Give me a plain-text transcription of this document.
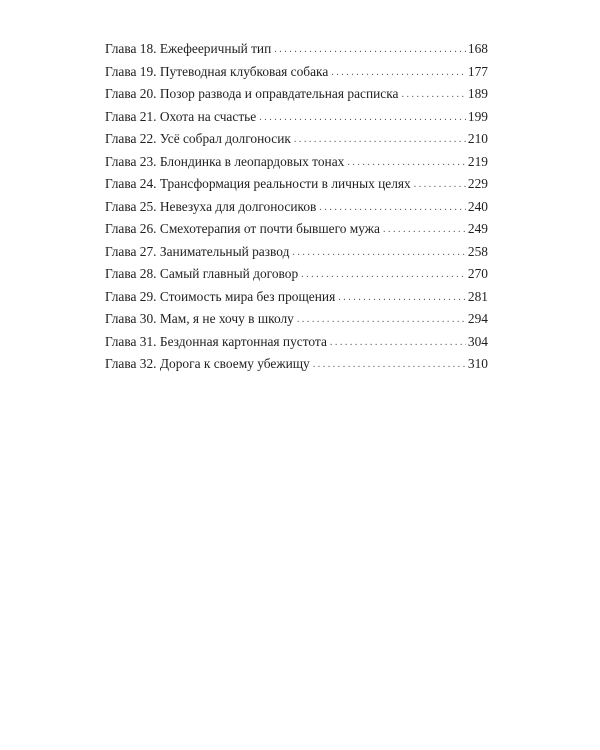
Глава 18. Ежефееричный тип . . .	168
Глава 19. Путеводная клубковая собака . . .	177
Глава 20. Позор развода и оправдательная расписка . . .	189
Глава 21. Охота на счастье . . .	199
Глава 22. Усё собрал долгоносик . . .	210
Глава 23. Блондинка в леопардовых тонах . . .	219
Глава 24. Трансформация реальности в личных целях . . .	229
Глава 25. Невезуха для долгоносиков . . .	240
Глава 26. Смехотерапия от почти бывшего мужа . . .	249
Глава 27. Занимательный развод . . .	258
Глава 28. Самый главный договор . . .	270
Глава 29. Стоимость мира без прощения . . .	281
Глава 30. Мам, я не хочу в школу . . .	294
Глава 31. Бездонная картонная пустота . . .	304
Глава 32. Дорога к своему убежищу . . .	310
